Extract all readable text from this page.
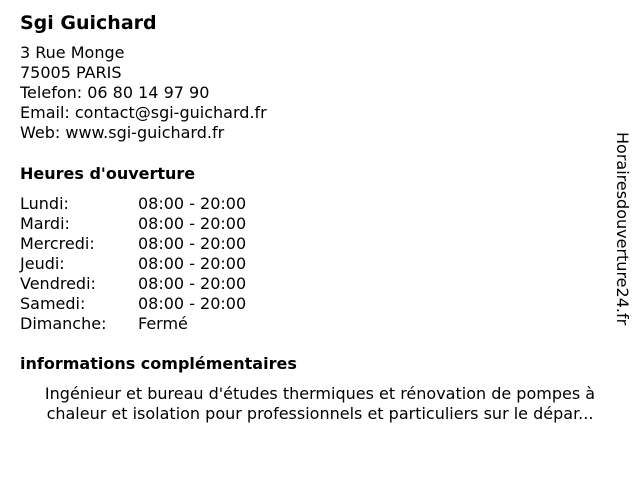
Sgi Guichard
3 Rue Monge
75005 PARIS
Telefon: 06 80 14 97 90
Email: contact@sgi-guichard.fr
Web: www.sgi-guichard.fr
Heures d'ouverture
Lundi:	08:00 - 20:00
Mardi:	08:00 - 20:00
Mercredi:	08:00 - 20:00
Jeudi:	08:00 - 20:00
Vendredi:	08:00 - 20:00
Samedi:	08:00 - 20:00
Dimanche: Fermé
informations complémentaires
Ingénieur et bureau d'études thermiques et rénovation de pompes à
chaleur et isolation pour professionnels et particuliers sur le dépar...
Horairesdouverture24.fr
